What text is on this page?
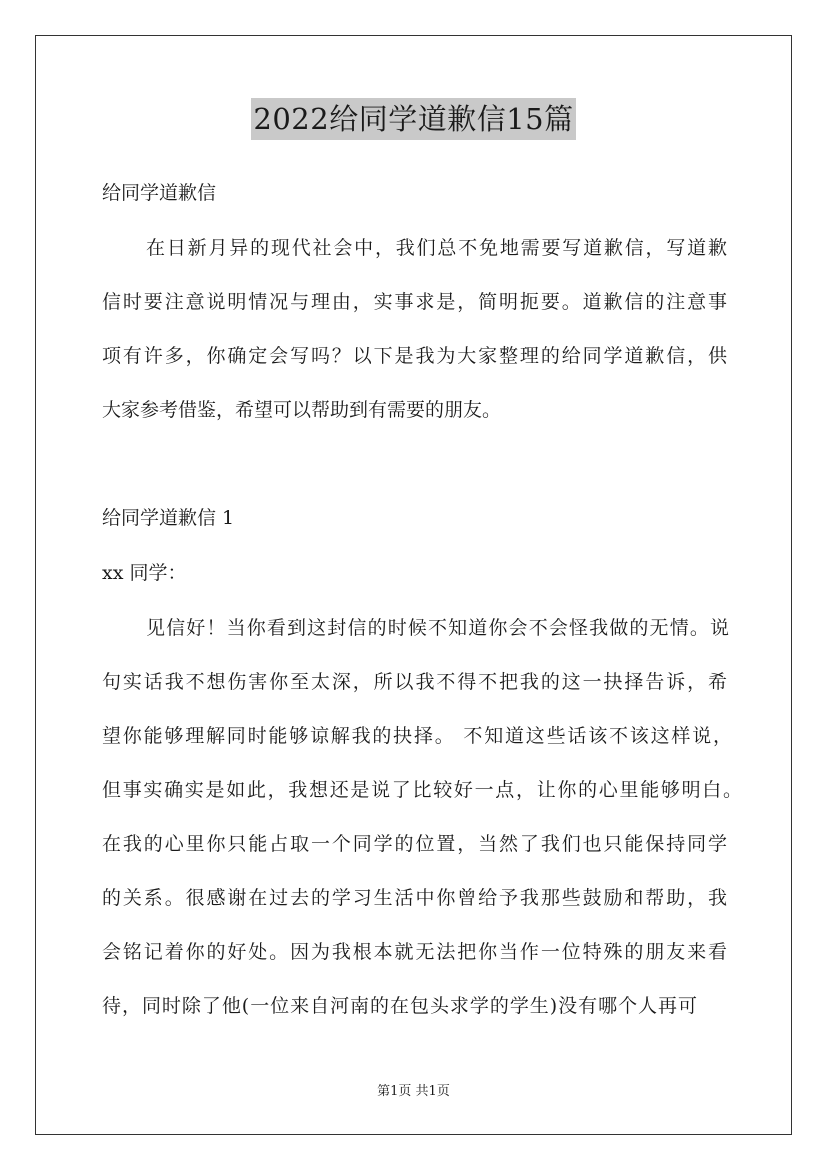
2022给同学道歉信15篇
给同学道歉信
在日新月异的现代社会中，我们总不免地需要写道歉信，写道歉
信时要注意说明情况与理由，实事求是，简明扼要。道歉信的注意事
项有许多，你确定会写吗？以下是我为大家整理的给同学道歉信，供
大家参考借鉴，希望可以帮助到有需要的朋友。
给同学道歉信 1
xx 同学：
见信好！当你看到这封信的时候不知道你会不会怪我做的无情。说
句实话我不想伤害你至太深，所以我不得不把我的这一抉择告诉，希
望你能够理解同时能够谅解我的抉择。 不知道这些话该不该这样说，
但事实确实是如此，我想还是说了比较好一点，让你的心里能够明白。
在我的心里你只能占取一个同学的位置，当然了我们也只能保持同学
的关系。很感谢在过去的学习生活中你曾给予我那些鼓励和帮助，我
会铭记着你的好处。因为我根本就无法把你当作一位特殊的朋友来看
待，同时除了他(一位来自河南的在包头求学的学生)没有哪个人再可
第1页 共1页
